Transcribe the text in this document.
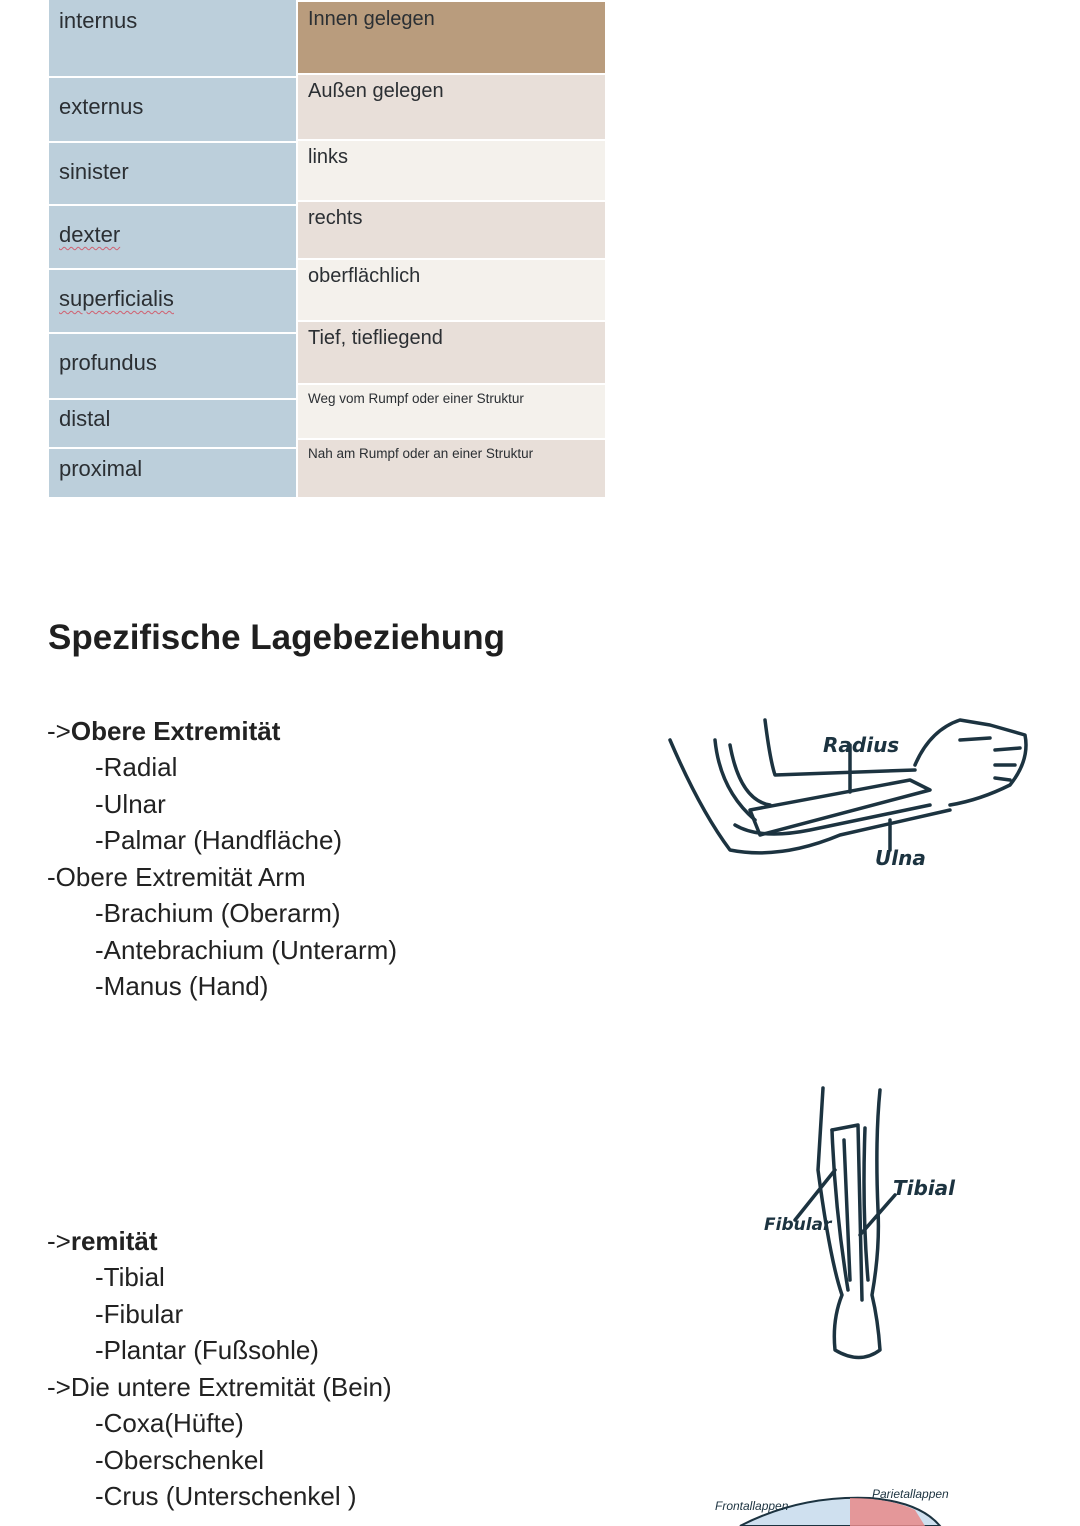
internus
externus
sinister
dexter
superficialis
profundus
distal
proximal
Innen gelegen
Außen gelegen
links
rechts
oberflächlich
Tief, tiefliegend
Weg vom Rumpf oder einer Struktur
Nah am Rumpf oder an einer Struktur
Spezifische Lagebeziehung
->Obere Extremität
-Radial
-Ulnar
-Palmar (Handfläche)
-Obere Extremität Arm
-Brachium (Oberarm)
-Antebrachium (Unterarm)
-Manus (Hand)
->remität
-Tibial
-Fibular
-Plantar (Fußsohle)
->Die untere Extremität (Bein)
-Coxa(Hüfte)
-Oberschenkel
-Crus (Unterschenkel )
Radius
Ulna
Fibular
Tibial
Frontallappen
Parietallappen
